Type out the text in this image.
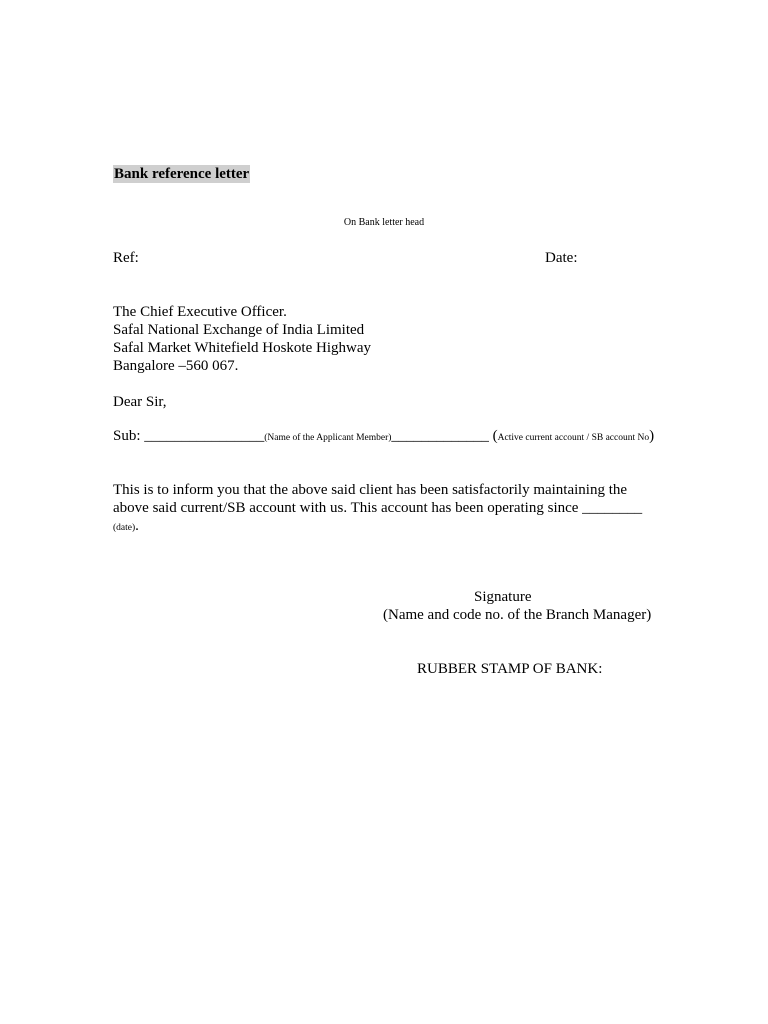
Bank reference letter
On Bank letter head
Ref:	Date:
The Chief Executive Officer.
Safal National Exchange of India Limited
Safal Market Whitefield Hoskote Highway
Bangalore –560 067.
Dear Sir,
Sub: ________________(Name of the Applicant Member)_____________ (Active current account / SB account No)
This is to inform you that the above said client has been satisfactorily maintaining the
above said current/SB account with us. This account has been operating since ________
(date).
Signature
(Name and code no. of the Branch Manager)
RUBBER STAMP OF BANK:
